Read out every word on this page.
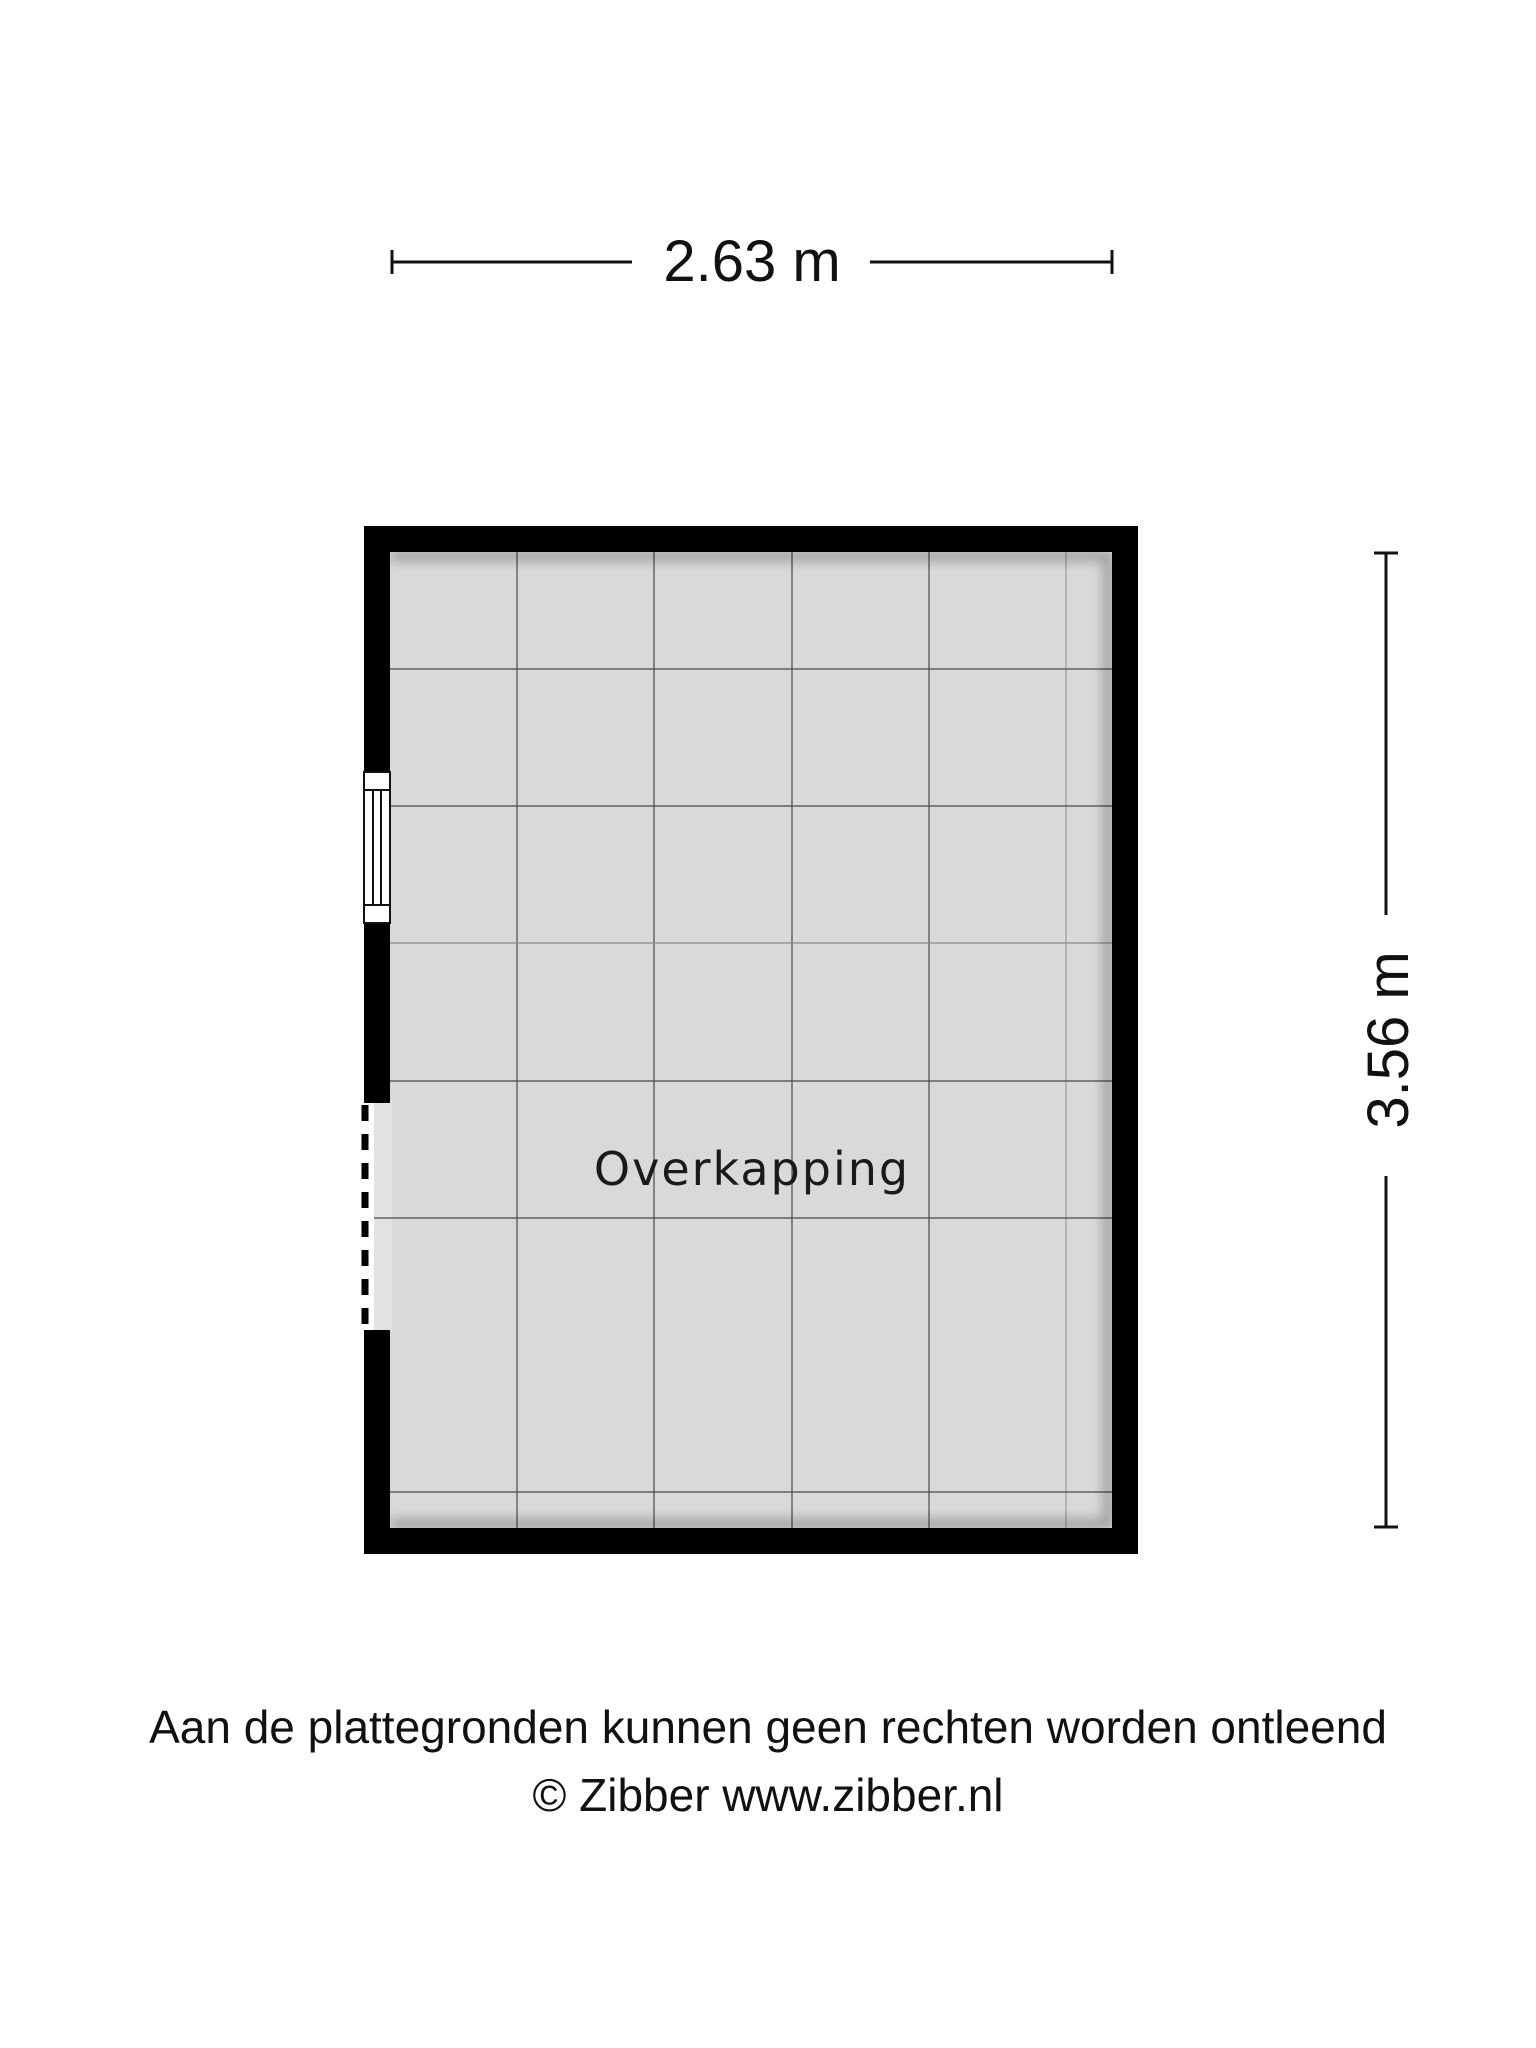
2.63 m
3.56 m
Overkapping
Aan de plattegronden kunnen geen rechten worden ontleend
© Zibber www.zibber.nl
